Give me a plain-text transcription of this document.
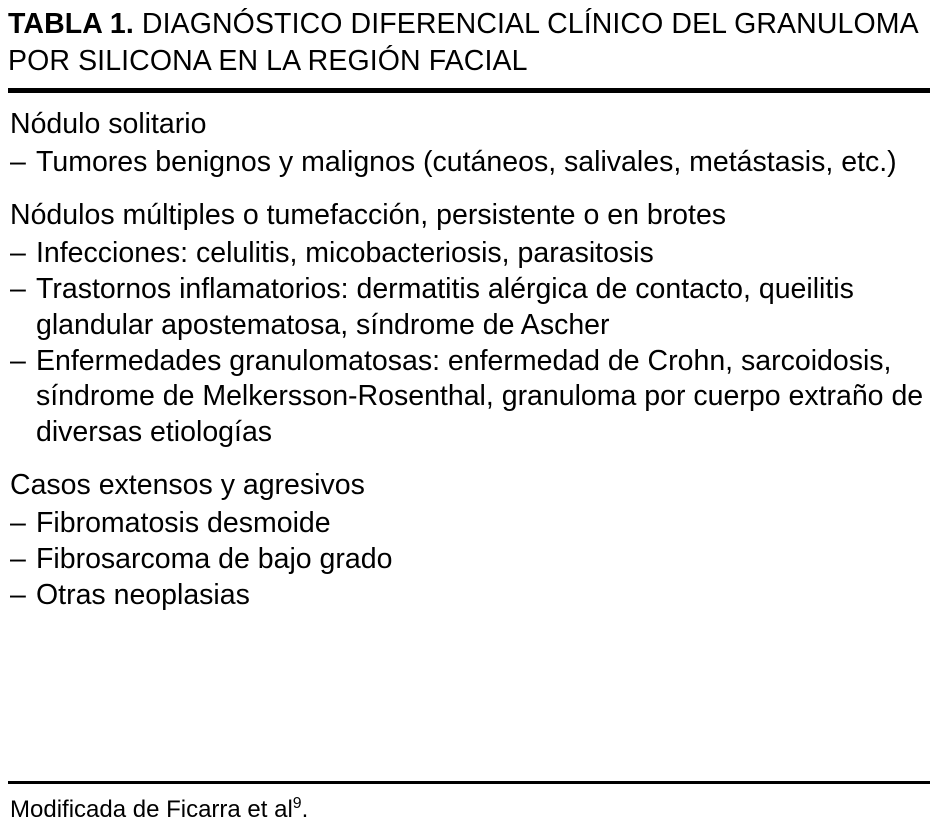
TABLA 1. DIAGNÓSTICO DIFERENCIAL CLÍNICO DEL GRANULOMA POR SILICONA EN LA REGIÓN FACIAL
Nódulo solitario
– Tumores benignos y malignos (cutáneos, salivales, metástasis, etc.)
Nódulos múltiples o tumefacción, persistente o en brotes
– Infecciones: celulitis, micobacteriosis, parasitosis
– Trastornos inflamatorios: dermatitis alérgica de contacto, queilitis glandular apostematosa, síndrome de Ascher
– Enfermedades granulomatosas: enfermedad de Crohn, sarcoidosis, síndrome de Melkersson-Rosenthal, granuloma por cuerpo extraño de diversas etiologías
Casos extensos y agresivos
– Fibromatosis desmoide
– Fibrosarcoma de bajo grado
– Otras neoplasias

Modificada de Ficarra et $al^9$.
